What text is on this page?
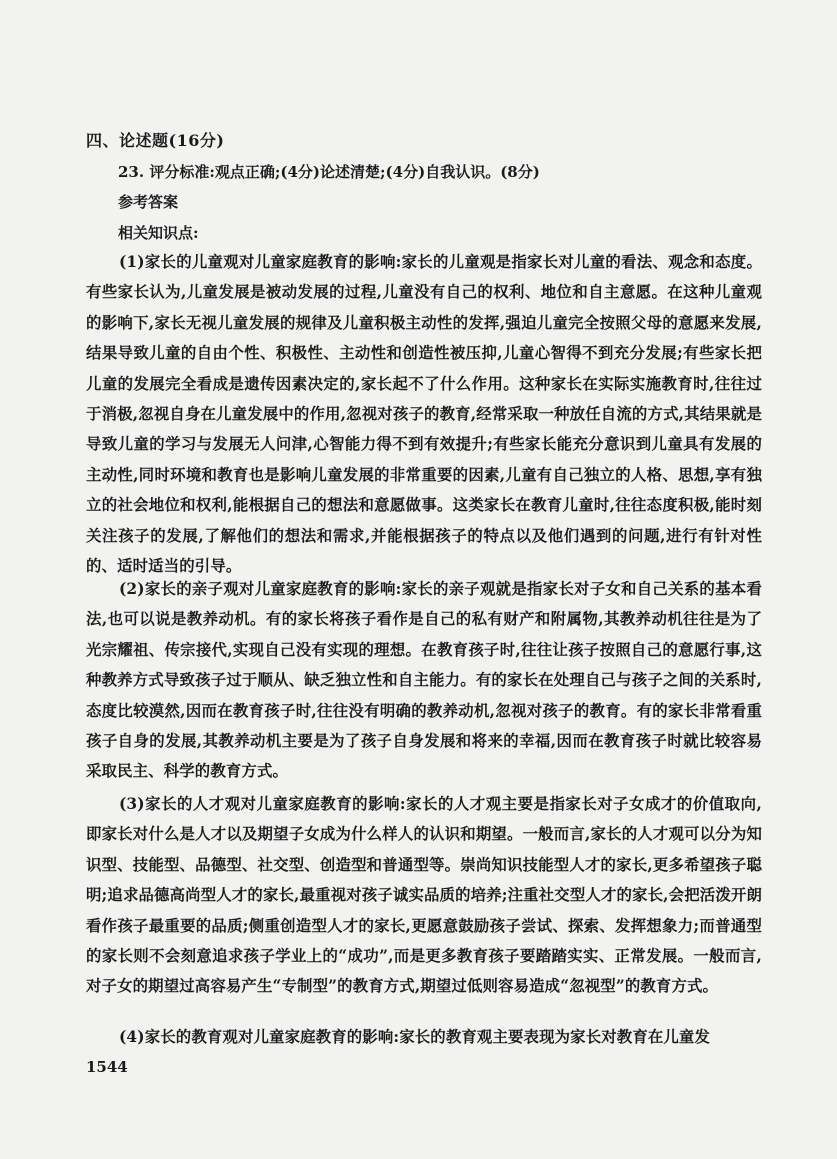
四、论述题(16分)
23. 评分标准:观点正确;(4分)论述清楚;(4分)自我认识。(8分)
参考答案
相关知识点:
(1)家长的儿童观对儿童家庭教育的影响:家长的儿童观是指家长对儿童的看法、观念和态度。有些家长认为,儿童发展是被动发展的过程,儿童没有自己的权利、地位和自主意愿。在这种儿童观的影响下,家长无视儿童发展的规律及儿童积极主动性的发挥,强迫儿童完全按照父母的意愿来发展,结果导致儿童的自由个性、积极性、主动性和创造性被压抑,儿童心智得不到充分发展;有些家长把儿童的发展完全看成是遗传因素决定的,家长起不了什么作用。这种家长在实际实施教育时,往往过于消极,忽视自身在儿童发展中的作用,忽视对孩子的教育,经常采取一种放任自流的方式,其结果就是导致儿童的学习与发展无人问津,心智能力得不到有效提升;有些家长能充分意识到儿童具有发展的主动性,同时环境和教育也是影响儿童发展的非常重要的因素,儿童有自己独立的人格、思想,享有独立的社会地位和权利,能根据自己的想法和意愿做事。这类家长在教育儿童时,往往态度积极,能时刻关注孩子的发展,了解他们的想法和需求,并能根据孩子的特点以及他们遇到的问题,进行有针对性的、适时适当的引导。
(2)家长的亲子观对儿童家庭教育的影响:家长的亲子观就是指家长对子女和自己关系的基本看法,也可以说是教养动机。有的家长将孩子看作是自己的私有财产和附属物,其教养动机往往是为了光宗耀祖、传宗接代,实现自己没有实现的理想。在教育孩子时,往往让孩子按照自己的意愿行事,这种教养方式导致孩子过于顺从、缺乏独立性和自主能力。有的家长在处理自己与孩子之间的关系时,态度比较漠然,因而在教育孩子时,往往没有明确的教养动机,忽视对孩子的教育。有的家长非常看重孩子自身的发展,其教养动机主要是为了孩子自身发展和将来的幸福,因而在教育孩子时就比较容易采取民主、科学的教育方式。
(3)家长的人才观对儿童家庭教育的影响:家长的人才观主要是指家长对子女成才的价值取向,即家长对什么是人才以及期望子女成为什么样人的认识和期望。一般而言,家长的人才观可以分为知识型、技能型、品德型、社交型、创造型和普通型等。崇尚知识技能型人才的家长,更多希望孩子聪明;追求品德高尚型人才的家长,最重视对孩子诚实品质的培养;注重社交型人才的家长,会把活泼开朗看作孩子最重要的品质;侧重创造型人才的家长,更愿意鼓励孩子尝试、探索、发挥想象力;而普通型的家长则不会刻意追求孩子学业上的“成功”,而是更多教育孩子要踏踏实实、正常发展。一般而言,对子女的期望过高容易产生“专制型”的教育方式,期望过低则容易造成“忽视型”的教育方式。
(4)家长的教育观对儿童家庭教育的影响:家长的教育观主要表现为家长对教育在儿童发
1544
